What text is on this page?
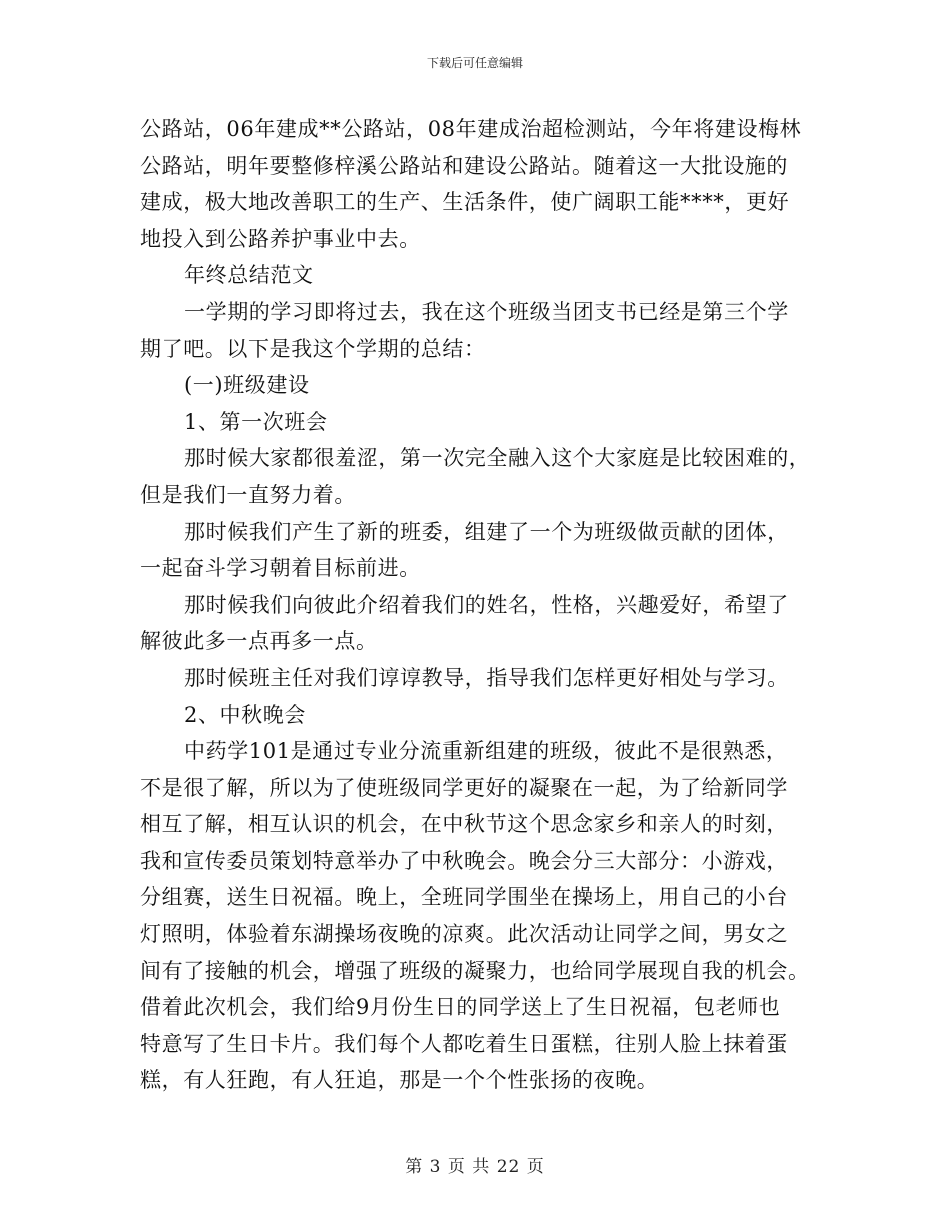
下载后可任意编辑
公路站，06年建成**公路站，08年建成治超检测站，今年将建设梅林
公路站，明年要整修梓溪公路站和建设公路站。随着这一大批设施的
建成，极大地改善职工的生产、生活条件，使广阔职工能****，更好
地投入到公路养护事业中去。
年终总结范文
一学期的学习即将过去，我在这个班级当团支书已经是第三个学
期了吧。以下是我这个学期的总结：
(一)班级建设
1、第一次班会
那时候大家都很羞涩，第一次完全融入这个大家庭是比较困难的，
但是我们一直努力着。
那时候我们产生了新的班委，组建了一个为班级做贡献的团体，
一起奋斗学习朝着目标前进。
那时候我们向彼此介绍着我们的姓名，性格，兴趣爱好，希望了
解彼此多一点再多一点。
那时候班主任对我们谆谆教导，指导我们怎样更好相处与学习。
2、中秋晚会
中药学101是通过专业分流重新组建的班级，彼此不是很熟悉，
不是很了解，所以为了使班级同学更好的凝聚在一起，为了给新同学
相互了解，相互认识的机会，在中秋节这个思念家乡和亲人的时刻，
我和宣传委员策划特意举办了中秋晚会。晚会分三大部分：小游戏，
分组赛，送生日祝福。晚上，全班同学围坐在操场上，用自己的小台
灯照明，体验着东湖操场夜晚的凉爽。此次活动让同学之间，男女之
间有了接触的机会，增强了班级的凝聚力，也给同学展现自我的机会。
借着此次机会，我们给9月份生日的同学送上了生日祝福，包老师也
特意写了生日卡片。我们每个人都吃着生日蛋糕，往别人脸上抹着蛋
糕，有人狂跑，有人狂追，那是一个个性张扬的夜晚。
第 3 页 共 22 页
